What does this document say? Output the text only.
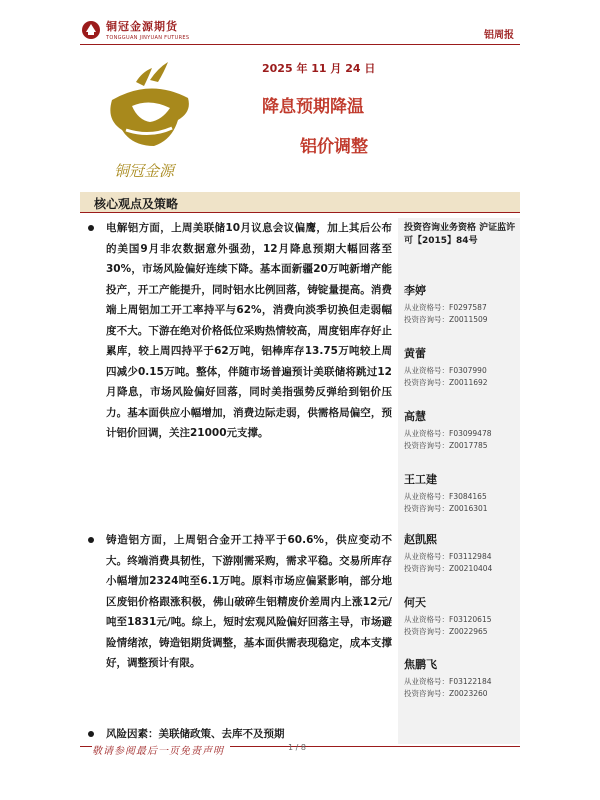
铜冠金源期货
TONGGUAN JINYUAN FUTURES	铝周报
铜冠金源
2025 年 11 月 24 日
降息预期降温
铝价调整
核心观点及策略
电解铝方面，上周美联储10月议息会议偏鹰，加上其后公布的美国9月非农数据意外强劲，12月降息预期大幅回落至30%，市场风险偏好连续下降。基本面新疆20万吨新增产能投产，开工产能提升，同时铝水比例回落，铸锭量提高。消费端上周铝加工开工率持平与62%，消费向淡季切换但走弱幅度不大。下游在绝对价格低位采购热情较高，周度铝库存好止累库，较上周四持平于62万吨，铝棒库存13.75万吨较上周四减少0.15万吨。整体，伴随市场普遍预计美联储将跳过12月降息，市场风险偏好回落，同时美指强势反弹给到铝价压力。基本面供应小幅增加，消费边际走弱，供需格局偏空，预计铝价回调，关注21000元支撑。
铸造铝方面，上周铝合金开工持平于60.6%，供应变动不大。终端消费具韧性，下游刚需采购，需求平稳。交易所库存小幅增加2324吨至6.1万吨。原料市场应偏紧影响，部分地区废铝价格跟涨积极，佛山破碎生铝精废价差周内上涨12元/吨至1831元/吨。综上，短时宏观风险偏好回落主导，市场避险情绪浓，铸造铝期货调整，基本面供需表现稳定，成本支撑好，调整预计有限。
风险因素：美联储政策、去库不及预期
投资咨询业务资格 沪证监许可【2015】84号
李婷
从业资格号：F0297587
投资咨询号：Z0011509
黄蕾
从业资格号：F0307990
投资咨询号：Z0011692
高慧
从业资格号：F03099478
投资咨询号：Z0017785
王工建
从业资格号：F3084165
投资咨询号：Z0016301
赵凯熙
从业资格号：F03112984
投资咨询号：Z00210404
何天
从业资格号：F03120615
投资咨询号：Z0022965
焦鹏飞
从业资格号：F03122184
投资咨询号：Z0023260
敬请参阅最后一页免责声明	1 / 8
